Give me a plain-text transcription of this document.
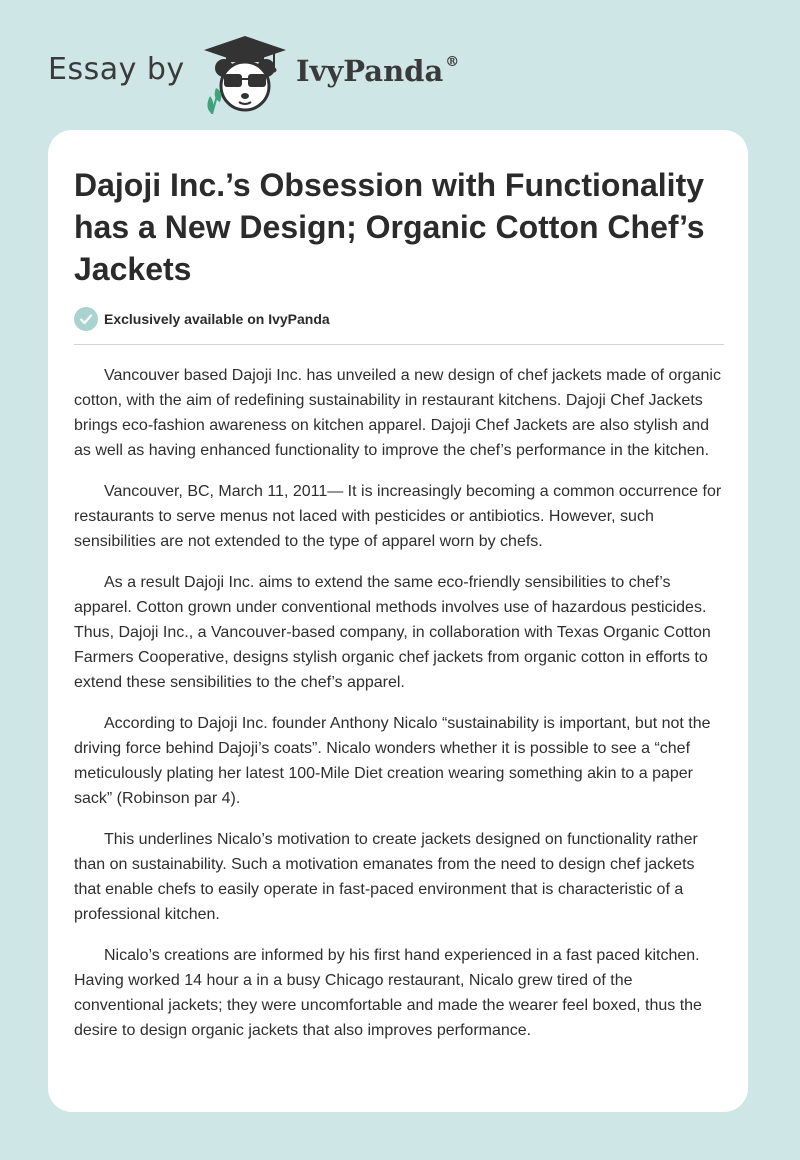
Essay by	IvyPanda ®
Dajoji Inc.’s Obsession with Functionality has a New Design; Organic Cotton Chef’s Jackets
Exclusively available on IvyPanda

Vancouver based Dajoji Inc. has unveiled a new design of chef jackets made of organic cotton, with the aim of redefining sustainability in restaurant kitchens. Dajoji Chef Jackets brings eco-fashion awareness on kitchen apparel. Dajoji Chef Jackets are also stylish and as well as having enhanced functionality to improve the chef’s performance in the kitchen.

Vancouver, BC, March 11, 2011— It is increasingly becoming a common occurrence for restaurants to serve menus not laced with pesticides or antibiotics. However, such sensibilities are not extended to the type of apparel worn by chefs.

As a result Dajoji Inc. aims to extend the same eco-friendly sensibilities to chef’s apparel. Cotton grown under conventional methods involves use of hazardous pesticides. Thus, Dajoji Inc., a Vancouver-based company, in collaboration with Texas Organic Cotton Farmers Cooperative, designs stylish organic chef jackets from organic cotton in efforts to extend these sensibilities to the chef’s apparel.

According to Dajoji Inc. founder Anthony Nicalo “sustainability is important, but not the driving force behind Dajoji’s coats”. Nicalo wonders whether it is possible to see a “chef meticulously plating her latest 100-Mile Diet creation wearing something akin to a paper sack” (Robinson par 4).

This underlines Nicalo’s motivation to create jackets designed on functionality rather than on sustainability. Such a motivation emanates from the need to design chef jackets that enable chefs to easily operate in fast-paced environment that is characteristic of a professional kitchen.

Nicalo’s creations are informed by his first hand experienced in a fast paced kitchen. Having worked 14 hour a in a busy Chicago restaurant, Nicalo grew tired of the conventional jackets; they were uncomfortable and made the wearer feel boxed, thus the desire to design organic jackets that also improves performance.
